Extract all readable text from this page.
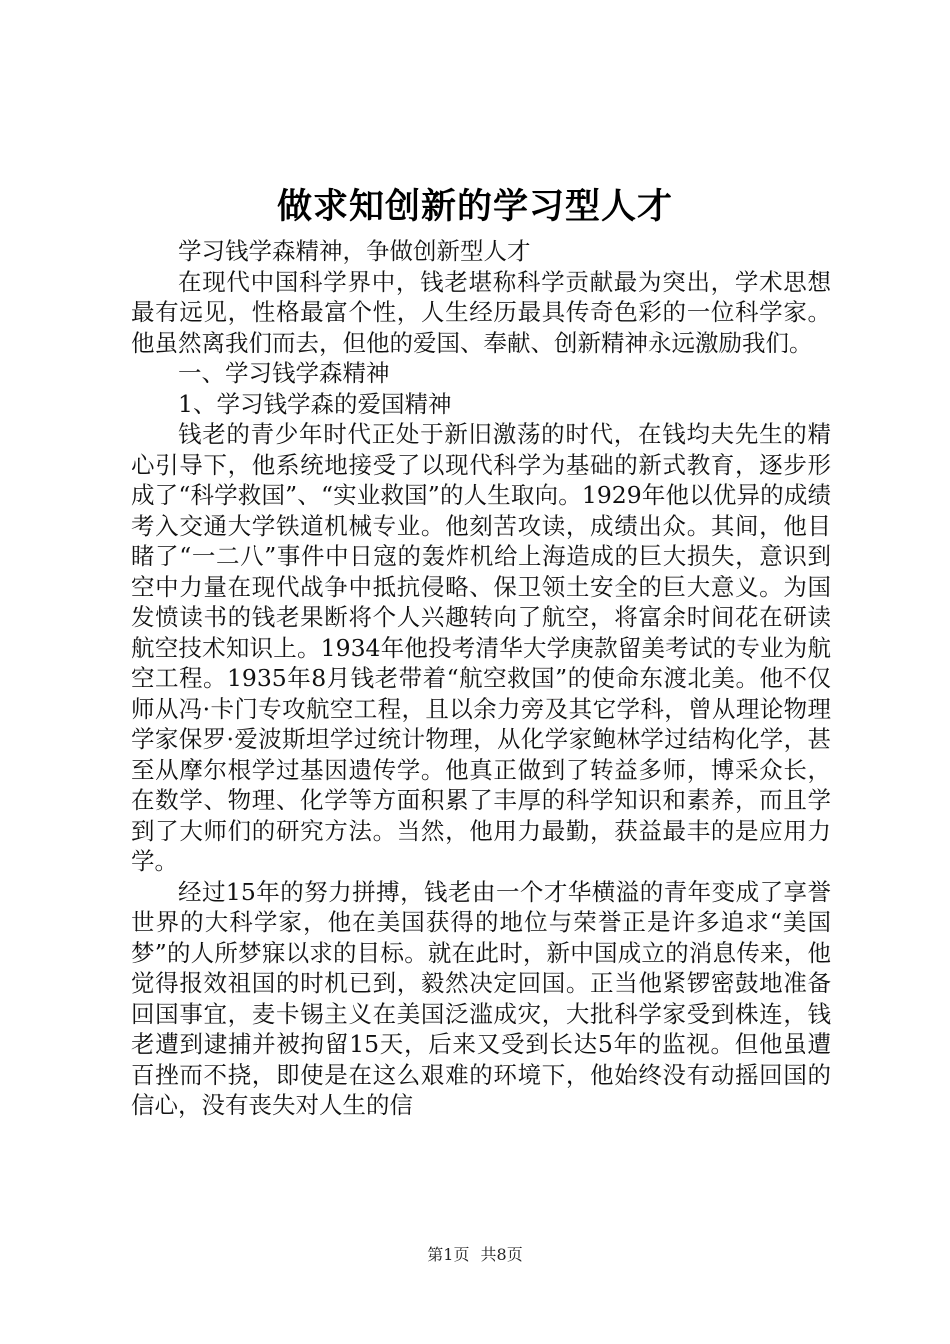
做求知创新的学习型人才

学习钱学森精神，争做创新型人才

在现代中国科学界中，钱老堪称科学贡献最为突出，学术思想最有远见，性格最富个性，人生经历最具传奇色彩的一位科学家。他虽然离我们而去，但他的爱国、奉献、创新精神永远激励我们。

一、学习钱学森精神

1、学习钱学森的爱国精神

钱老的青少年时代正处于新旧激荡的时代，在钱均夫先生的精心引导下，他系统地接受了以现代科学为基础的新式教育，逐步形成了“科学救国”、“实业救国”的人生取向。1929年他以优异的成绩考入交通大学铁道机械专业。他刻苦攻读，成绩出众。其间，他目睹了“一二八”事件中日寇的轰炸机给上海造成的巨大损失，意识到空中力量在现代战争中抵抗侵略、保卫领土安全的巨大意义。为国发愤读书的钱老果断将个人兴趣转向了航空，将富余时间花在研读航空技术知识上。1934年他投考清华大学庚款留美考试的专业为航空工程。1935年8月钱老带着“航空救国”的使命东渡北美。他不仅师从冯·卡门专攻航空工程，且以余力旁及其它学科，曾从理论物理学家保罗·爱波斯坦学过统计物理，从化学家鲍林学过结构化学，甚至从摩尔根学过基因遗传学。他真正做到了转益多师，博采众长，在数学、物理、化学等方面积累了丰厚的科学知识和素养，而且学到了大师们的研究方法。当然，他用力最勤，获益最丰的是应用力学。

经过15年的努力拼搏，钱老由一个才华横溢的青年变成了享誉世界的大科学家，他在美国获得的地位与荣誉正是许多追求“美国梦”的人所梦寐以求的目标。就在此时，新中国成立的消息传来，他觉得报效祖国的时机已到，毅然决定回国。正当他紧锣密鼓地准备回国事宜，麦卡锡主义在美国泛滥成灾，大批科学家受到株连，钱老遭到逮捕并被拘留15天，后来又受到长达5年的监视。但他虽遭百挫而不挠，即使是在这么艰难的环境下，他始终没有动摇回国的信心，没有丧失对人生的信

第1页 共8页
